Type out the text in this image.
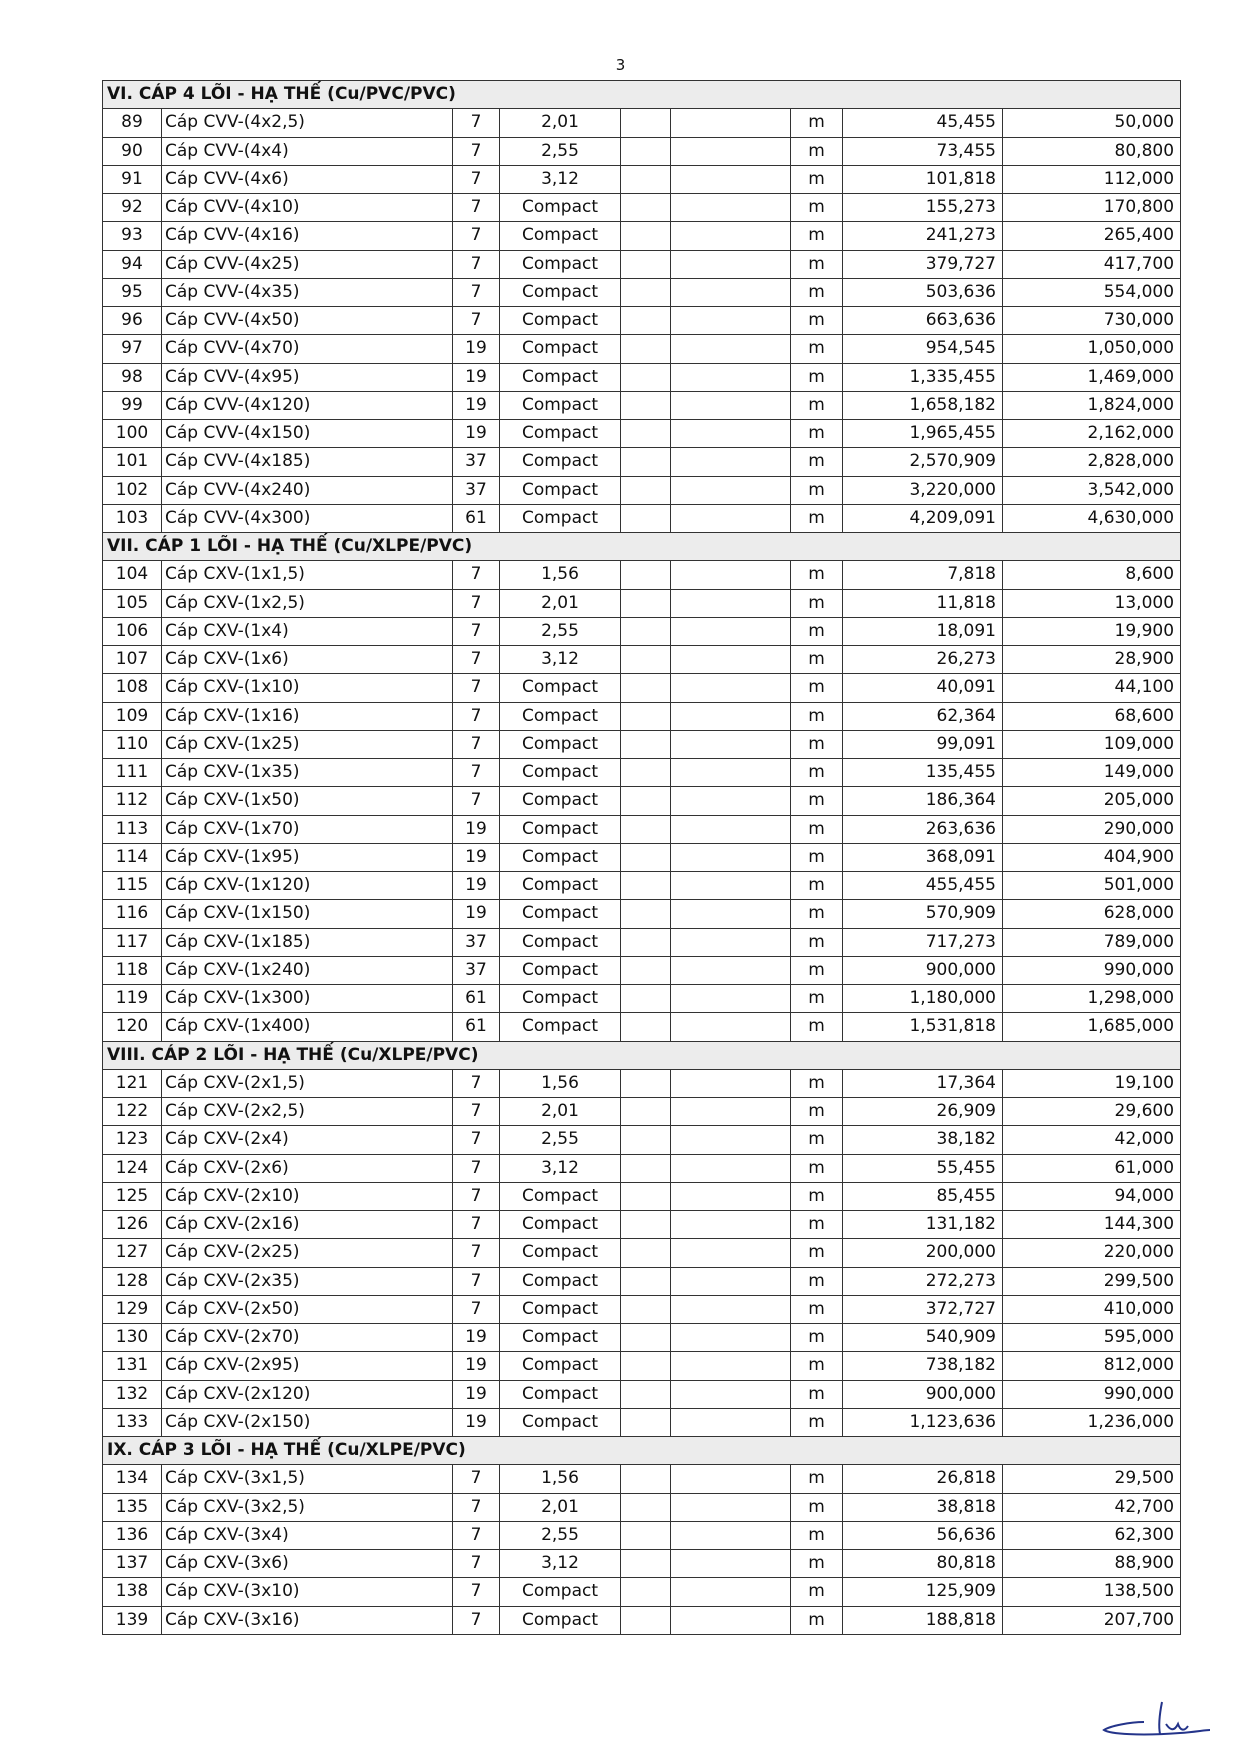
3
VI. CÁP 4 LÕI - HẠ THẾ (Cu/PVC/PVC)								
89	Cáp CVV-(4x2,5)	7	2,01			m	45,455	50,000
90	Cáp CVV-(4x4)	7	2,55			m	73,455	80,800
91	Cáp CVV-(4x6)	7	3,12			m	101,818	112,000
92	Cáp CVV-(4x10)	7	Compact			m	155,273	170,800
93	Cáp CVV-(4x16)	7	Compact			m	241,273	265,400
94	Cáp CVV-(4x25)	7	Compact			m	379,727	417,700
95	Cáp CVV-(4x35)	7	Compact			m	503,636	554,000
96	Cáp CVV-(4x50)	7	Compact			m	663,636	730,000
97	Cáp CVV-(4x70)	19	Compact			m	954,545	1,050,000
98	Cáp CVV-(4x95)	19	Compact			m	1,335,455	1,469,000
99	Cáp CVV-(4x120)	19	Compact			m	1,658,182	1,824,000
100	Cáp CVV-(4x150)	19	Compact			m	1,965,455	2,162,000
101	Cáp CVV-(4x185)	37	Compact			m	2,570,909	2,828,000
102	Cáp CVV-(4x240)	37	Compact			m	3,220,000	3,542,000
103	Cáp CVV-(4x300)	61	Compact			m	4,209,091	4,630,000
VII. CÁP 1 LÕI - HẠ THẾ (Cu/XLPE/PVC)								
104	Cáp CXV-(1x1,5)	7	1,56			m	7,818	8,600
105	Cáp CXV-(1x2,5)	7	2,01			m	11,818	13,000
106	Cáp CXV-(1x4)	7	2,55			m	18,091	19,900
107	Cáp CXV-(1x6)	7	3,12			m	26,273	28,900
108	Cáp CXV-(1x10)	7	Compact			m	40,091	44,100
109	Cáp CXV-(1x16)	7	Compact			m	62,364	68,600
110	Cáp CXV-(1x25)	7	Compact			m	99,091	109,000
111	Cáp CXV-(1x35)	7	Compact			m	135,455	149,000
112	Cáp CXV-(1x50)	7	Compact			m	186,364	205,000
113	Cáp CXV-(1x70)	19	Compact			m	263,636	290,000
114	Cáp CXV-(1x95)	19	Compact			m	368,091	404,900
115	Cáp CXV-(1x120)	19	Compact			m	455,455	501,000
116	Cáp CXV-(1x150)	19	Compact			m	570,909	628,000
117	Cáp CXV-(1x185)	37	Compact			m	717,273	789,000
118	Cáp CXV-(1x240)	37	Compact			m	900,000	990,000
119	Cáp CXV-(1x300)	61	Compact			m	1,180,000	1,298,000
120	Cáp CXV-(1x400)	61	Compact			m	1,531,818	1,685,000
VIII. CÁP 2 LÕI - HẠ THẾ (Cu/XLPE/PVC)								
121	Cáp CXV-(2x1,5)	7	1,56			m	17,364	19,100
122	Cáp CXV-(2x2,5)	7	2,01			m	26,909	29,600
123	Cáp CXV-(2x4)	7	2,55			m	38,182	42,000
124	Cáp CXV-(2x6)	7	3,12			m	55,455	61,000
125	Cáp CXV-(2x10)	7	Compact			m	85,455	94,000
126	Cáp CXV-(2x16)	7	Compact			m	131,182	144,300
127	Cáp CXV-(2x25)	7	Compact			m	200,000	220,000
128	Cáp CXV-(2x35)	7	Compact			m	272,273	299,500
129	Cáp CXV-(2x50)	7	Compact			m	372,727	410,000
130	Cáp CXV-(2x70)	19	Compact			m	540,909	595,000
131	Cáp CXV-(2x95)	19	Compact			m	738,182	812,000
132	Cáp CXV-(2x120)	19	Compact			m	900,000	990,000
133	Cáp CXV-(2x150)	19	Compact			m	1,123,636	1,236,000
IX. CÁP 3 LÕI - HẠ THẾ (Cu/XLPE/PVC)								
134	Cáp CXV-(3x1,5)	7	1,56			m	26,818	29,500
135	Cáp CXV-(3x2,5)	7	2,01			m	38,818	42,700
136	Cáp CXV-(3x4)	7	2,55			m	56,636	62,300
137	Cáp CXV-(3x6)	7	3,12			m	80,818	88,900
138	Cáp CXV-(3x10)	7	Compact			m	125,909	138,500
139	Cáp CXV-(3x16)	7	Compact			m	188,818	207,700
